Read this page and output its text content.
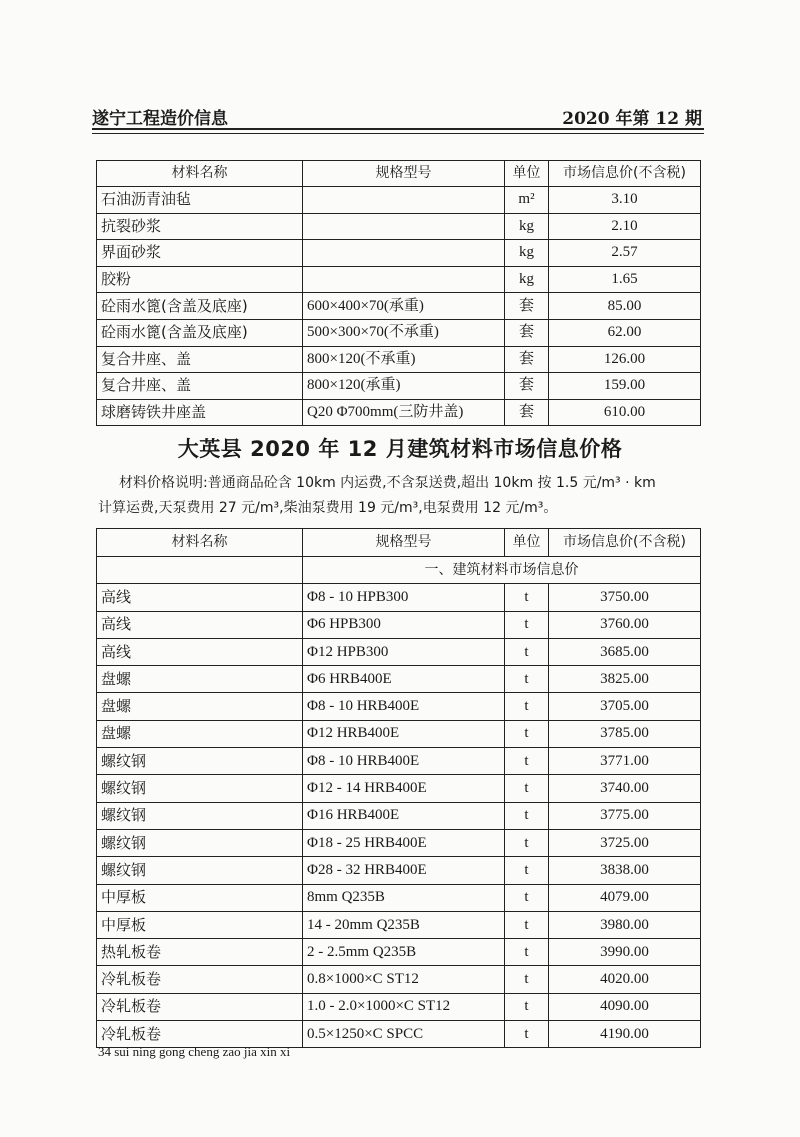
遂宁工程造价信息	2020 年第 12 期
材料名称	规格型号	单位	市场信息价(不含税)
石油沥青油毡		m²	3.10
抗裂砂浆		kg	2.10
界面砂浆		kg	2.57
胶粉		kg	1.65
砼雨水篦(含盖及底座)	600×400×70(承重)	套	85.00
砼雨水篦(含盖及底座)	500×300×70(不承重)	套	62.00
复合井座、盖	800×120(不承重)	套	126.00
复合井座、盖	800×120(承重)	套	159.00
球磨铸铁井座盖	Q20 Φ700mm(三防井盖)	套	610.00
大英县 2020 年 12 月建筑材料市场信息价格
材料价格说明:普通商品砼含 10km 内运费,不含泵送费,超出 10km 按 1.5 元/m³ · km
计算运费,天泵费用 27 元/m³,柴油泵费用 19 元/m³,电泵费用 12 元/m³。
材料名称	规格型号	单位	市场信息价(不含税)
	一、建筑材料市场信息价		
高线	Φ8 - 10 HPB300	t	3750.00
高线	Φ6 HPB300	t	3760.00
高线	Φ12 HPB300	t	3685.00
盘螺	Φ6 HRB400E	t	3825.00
盘螺	Φ8 - 10 HRB400E	t	3705.00
盘螺	Φ12 HRB400E	t	3785.00
螺纹钢	Φ8 - 10 HRB400E	t	3771.00
螺纹钢	Φ12 - 14 HRB400E	t	3740.00
螺纹钢	Φ16 HRB400E	t	3775.00
螺纹钢	Φ18 - 25 HRB400E	t	3725.00
螺纹钢	Φ28 - 32 HRB400E	t	3838.00
中厚板	8mm Q235B	t	4079.00
中厚板	14 - 20mm Q235B	t	3980.00
热轧板卷	2 - 2.5mm Q235B	t	3990.00
冷轧板卷	0.8×1000×C ST12	t	4020.00
冷轧板卷	1.0 - 2.0×1000×C ST12	t	4090.00
冷轧板卷	0.5×1250×C SPCC	t	4190.00
34 sui ning gong cheng zao jia xin xi
